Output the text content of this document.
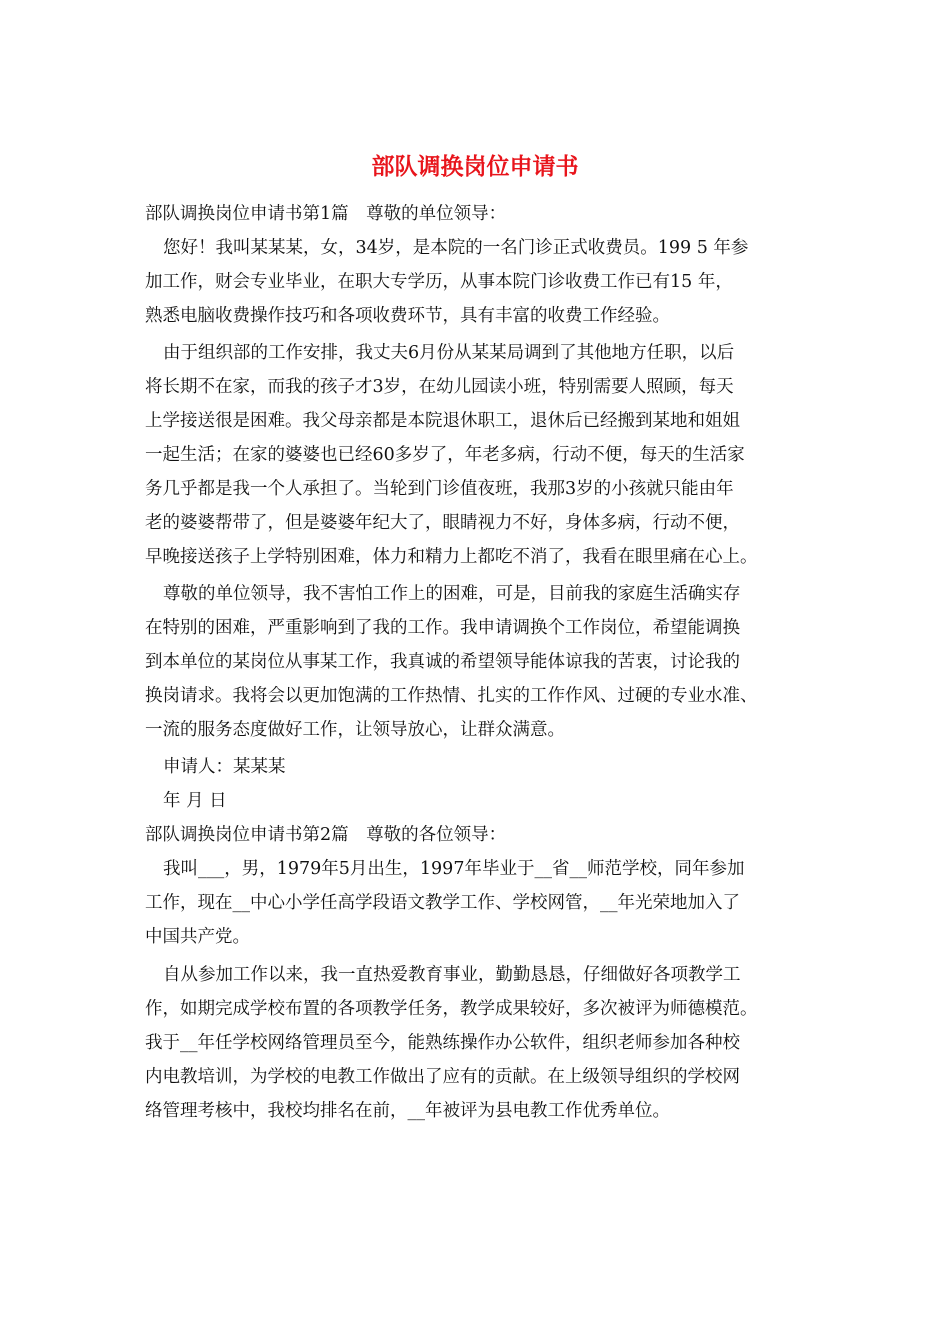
部队调换岗位申请书
部队调换岗位申请书第1篇　尊敬的单位领导：
您好！我叫某某某，女，34岁，是本院的一名门诊正式收费员。199 5 年参
加工作，财会专业毕业，在职大专学历，从事本院门诊收费工作已有15 年，
熟悉电脑收费操作技巧和各项收费环节，具有丰富的收费工作经验。
由于组织部的工作安排，我丈夫6月份从某某局调到了其他地方任职，以后
将长期不在家，而我的孩子才3岁，在幼儿园读小班，特别需要人照顾，每天
上学接送很是困难。我父母亲都是本院退休职工，退休后已经搬到某地和姐姐
一起生活；在家的婆婆也已经60多岁了，年老多病，行动不便，每天的生活家
务几乎都是我一个人承担了。当轮到门诊值夜班，我那3岁的小孩就只能由年
老的婆婆帮带了，但是婆婆年纪大了，眼睛视力不好，身体多病，行动不便，
早晚接送孩子上学特别困难，体力和精力上都吃不消了，我看在眼里痛在心上。
尊敬的单位领导，我不害怕工作上的困难，可是，目前我的家庭生活确实存
在特别的困难，严重影响到了我的工作。我申请调换个工作岗位，希望能调换
到本单位的某岗位从事某工作，我真诚的希望领导能体谅我的苦衷，讨论我的
换岗请求。我将会以更加饱满的工作热情、扎实的工作作风、过硬的专业水准、
一流的服务态度做好工作，让领导放心，让群众满意。
申请人：某某某
年 月 日
部队调换岗位申请书第2篇　尊敬的各位领导：
我叫___，男，1979年5月出生，1997年毕业于__省__师范学校，同年参加
工作，现在__中心小学任高学段语文教学工作、学校网管，__年光荣地加入了
中国共产党。
自从参加工作以来，我一直热爱教育事业，勤勤恳恳，仔细做好各项教学工
作，如期完成学校布置的各项教学任务，教学成果较好，多次被评为师德模范。
我于__年任学校网络管理员至今，能熟练操作办公软件，组织老师参加各种校
内电教培训，为学校的电教工作做出了应有的贡献。在上级领导组织的学校网
络管理考核中，我校均排名在前，__年被评为县电教工作优秀单位。
